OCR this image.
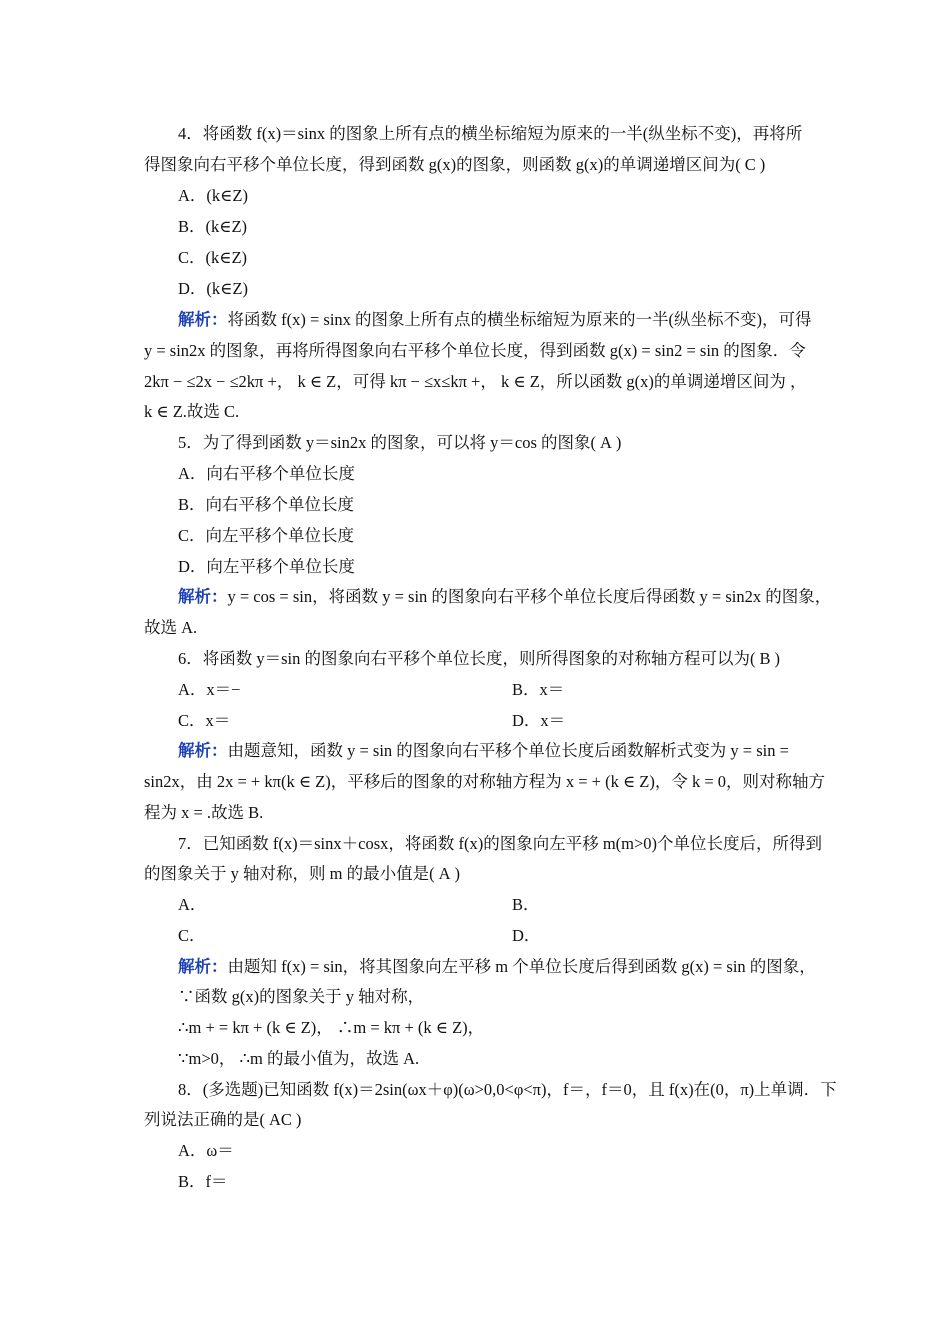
4．将函数 f(x)＝sinx 的图象上所有点的横坐标缩短为原来的一半(纵坐标不变)，再将所
得图象向右平移个单位长度，得到函数 g(x)的图象，则函数 g(x)的单调递增区间为( C )
A．(k∈Z)
B．(k∈Z)
C．(k∈Z)
D．(k∈Z)
解析：将函数 f(x) = sinx 的图象上所有点的横坐标缩短为原来的一半(纵坐标不变)，可得
y = sin2x 的图象，再将所得图象向右平移个单位长度，得到函数 g(x) = sin2 = sin 的图象．令
2kπ − ≤2x − ≤2kπ +， k ∈ Z，可得 kπ − ≤x≤kπ +， k ∈ Z，所以函数 g(x)的单调递增区间为 ，
k ∈ Z.故选 C.
5．为了得到函数 y＝sin2x 的图象，可以将 y＝cos 的图象( A )
A．向右平移个单位长度
B．向右平移个单位长度
C．向左平移个单位长度
D．向左平移个单位长度
解析：y = cos = sin，将函数 y = sin 的图象向右平移个单位长度后得函数 y = sin2x 的图象，
故选 A.
6．将函数 y＝sin 的图象向右平移个单位长度，则所得图象的对称轴方程可以为( B )
A．x＝−	B．x＝
C．x＝	D．x＝
解析：由题意知，函数 y = sin 的图象向右平移个单位长度后函数解析式变为 y = sin =
sin2x，由 2x = + kπ(k ∈ Z)，平移后的图象的对称轴方程为 x = + (k ∈ Z)，令 k = 0，则对称轴方
程为 x = .故选 B.
7．已知函数 f(x)＝sinx＋cosx，将函数 f(x)的图象向左平移 m(m>0)个单位长度后，所得到
的图象关于 y 轴对称，则 m 的最小值是( A )
A．	B．
C．	D．
解析：由题知 f(x) = sin，将其图象向左平移 m 个单位长度后得到函数 g(x) = sin 的图象，
∵函数 g(x)的图象关于 y 轴对称，
∴m + = kπ + (k ∈ Z)， ∴m = kπ + (k ∈ Z)，
∵m>0， ∴m 的最小值为，故选 A.
8．(多选题)已知函数 f(x)＝2sin(ωx＋φ)(ω>0,0<φ<π)，f＝，f＝0，且 f(x)在(0，π)上单调．下
列说法正确的是( AC )
A．ω＝
B．f＝
